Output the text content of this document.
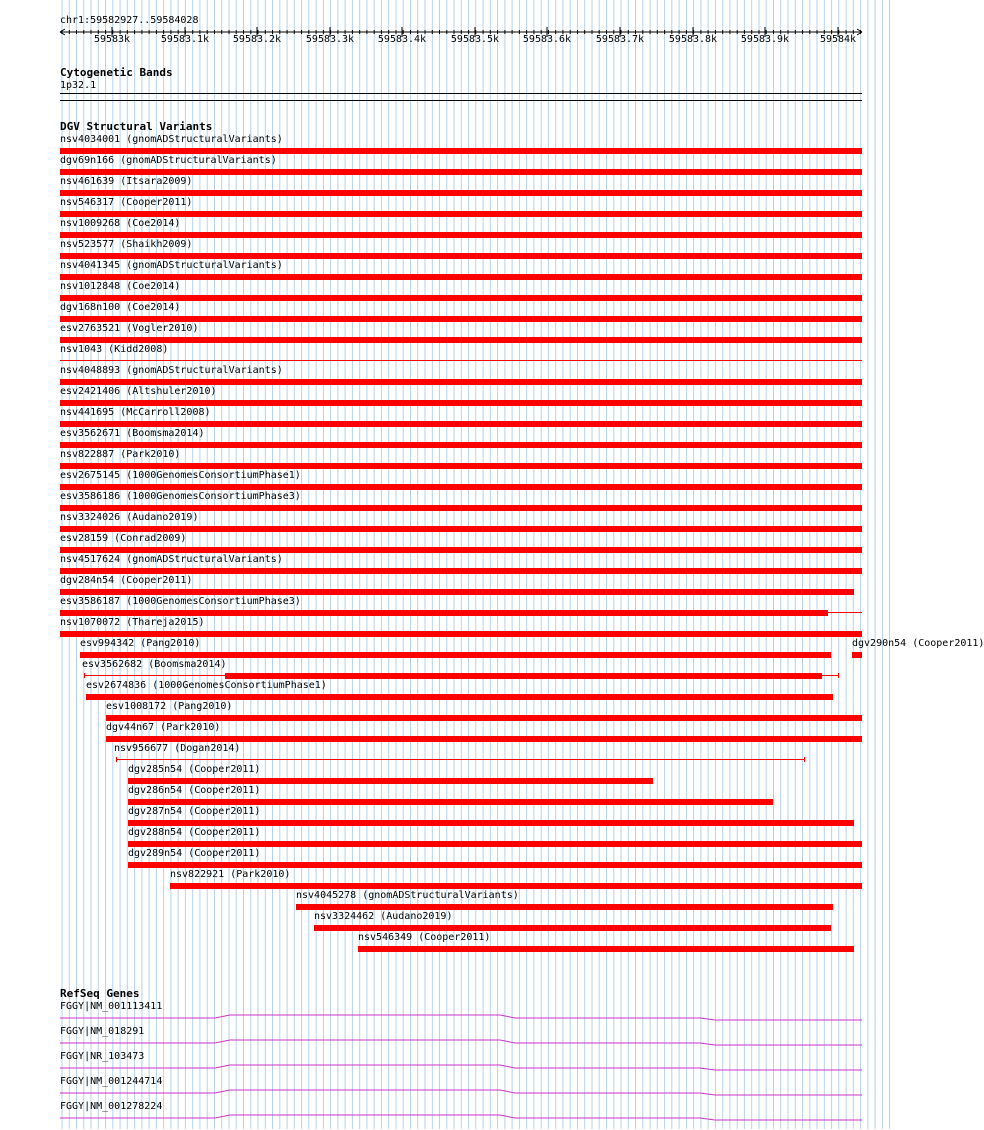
chr1:59582927..59584028
59583k	59583.1k	59583.2k	59583.3k	59583.4k	59583.5k	59583.6k	59583.7k	59583.8k	59583.9k	59584k
Cytogenetic Bands
1p32.1
DGV Structural Variants
nsv4034001 (gnomADStructuralVariants)
dgv69n166 (gnomADStructuralVariants)
nsv461639 (Itsara2009)
nsv546317 (Cooper2011)
nsv1009268 (Coe2014)
nsv523577 (Shaikh2009)
nsv4041345 (gnomADStructuralVariants)
nsv1012848 (Coe2014)
dgv168n100 (Coe2014)
esv2763521 (Vogler2010)
nsv1043 (Kidd2008)
nsv4048893 (gnomADStructuralVariants)
esv2421406 (Altshuler2010)
nsv441695 (McCarroll2008)
esv3562671 (Boomsma2014)
nsv822887 (Park2010)
esv2675145 (1000GenomesConsortiumPhase1)
esv3586186 (1000GenomesConsortiumPhase3)
nsv3324026 (Audano2019)
esv28159 (Conrad2009)
nsv4517624 (gnomADStructuralVariants)
dgv284n54 (Cooper2011)
esv3586187 (1000GenomesConsortiumPhase3)
nsv1070072 (Thareja2015)
esv994342 (Pang2010)	dgv290n54 (Cooper2011)
esv3562682 (Boomsma2014)
esv2674836 (1000GenomesConsortiumPhase1)
esv1008172 (Pang2010)
dgv44n67 (Park2010)
nsv956677 (Dogan2014)
dgv285n54 (Cooper2011)
dgv286n54 (Cooper2011)
dgv287n54 (Cooper2011)
dgv288n54 (Cooper2011)
dgv289n54 (Cooper2011)
nsv822921 (Park2010)
nsv4045278 (gnomADStructuralVariants)
nsv3324462 (Audano2019)
nsv546349 (Cooper2011)
RefSeq Genes
FGGY|NM_001113411
FGGY|NM_018291
FGGY|NR_103473
FGGY|NM_001244714
FGGY|NM_001278224
